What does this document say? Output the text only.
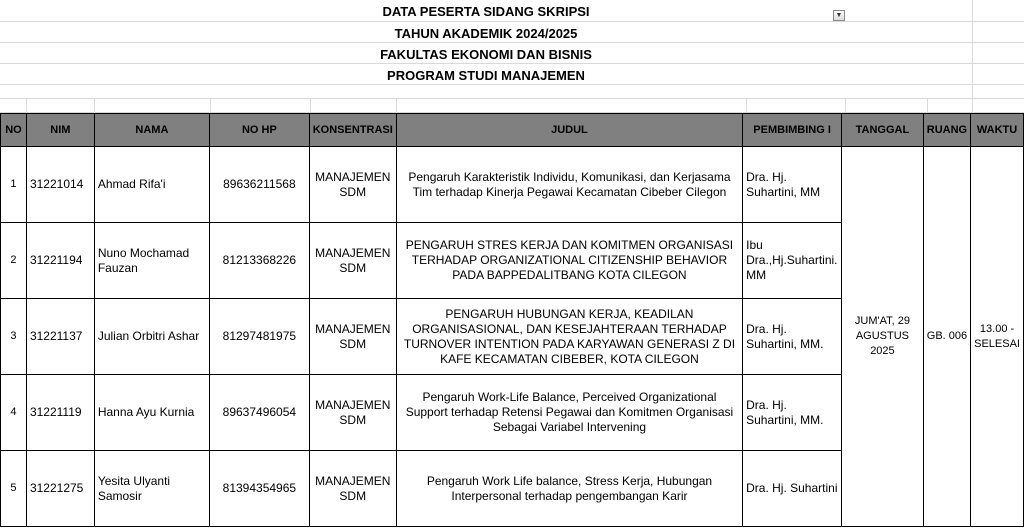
DATA PESERTA SIDANG SKRIPSI
TAHUN AKADEMIK 2024/2025
FAKULTAS EKONOMI DAN BISNIS
PROGRAM STUDI MANAJEMEN
▼
NO	NIM	NAMA	NO HP	KONSENTRASI	JUDUL	PEMBIMBING I	TANGGAL	RUANG	WAKTU
1	31221014	Ahmad Rifa'i	89636211568	MANAJEMEN SDM	Pengaruh Karakteristik Individu, Komunikasi, dan Kerjasama Tim terhadap Kinerja Pegawai Kecamatan Cibeber Cilegon	Dra. Hj. Suhartini, MM	JUM'AT, 29 AGUSTUS 2025	GB. 006	13.00 - SELESAI
2	31221194	Nuno Mochamad Fauzan	81213368226	MANAJEMEN SDM	PENGARUH STRES KERJA DAN KOMITMEN ORGANISASI TERHADAP ORGANIZATIONAL CITIZENSHIP BEHAVIOR PADA BAPPEDALITBANG KOTA CILEGON	Ibu Dra.,Hj.Suhartini. MM			
3	31221137	Julian Orbitri Ashar	81297481975	MANAJEMEN SDM	PENGARUH HUBUNGAN KERJA, KEADILAN ORGANISASIONAL, DAN KESEJAHTERAAN TERHADAP TURNOVER INTENTION PADA KARYAWAN GENERASI Z DI KAFE KECAMATAN CIBEBER, KOTA CILEGON	Dra. Hj. Suhartini, MM.			
4	31221119	Hanna Ayu Kurnia	89637496054	MANAJEMEN SDM	Pengaruh Work-Life Balance, Perceived Organizational Support terhadap Retensi Pegawai dan Komitmen Organisasi Sebagai Variabel Intervening	Dra. Hj. Suhartini, MM.			
5	31221275	Yesita Ulyanti Samosir	81394354965	MANAJEMEN SDM	Pengaruh Work Life balance, Stress Kerja, Hubungan Interpersonal terhadap pengembangan Karir	Dra. Hj. Suhartini			
